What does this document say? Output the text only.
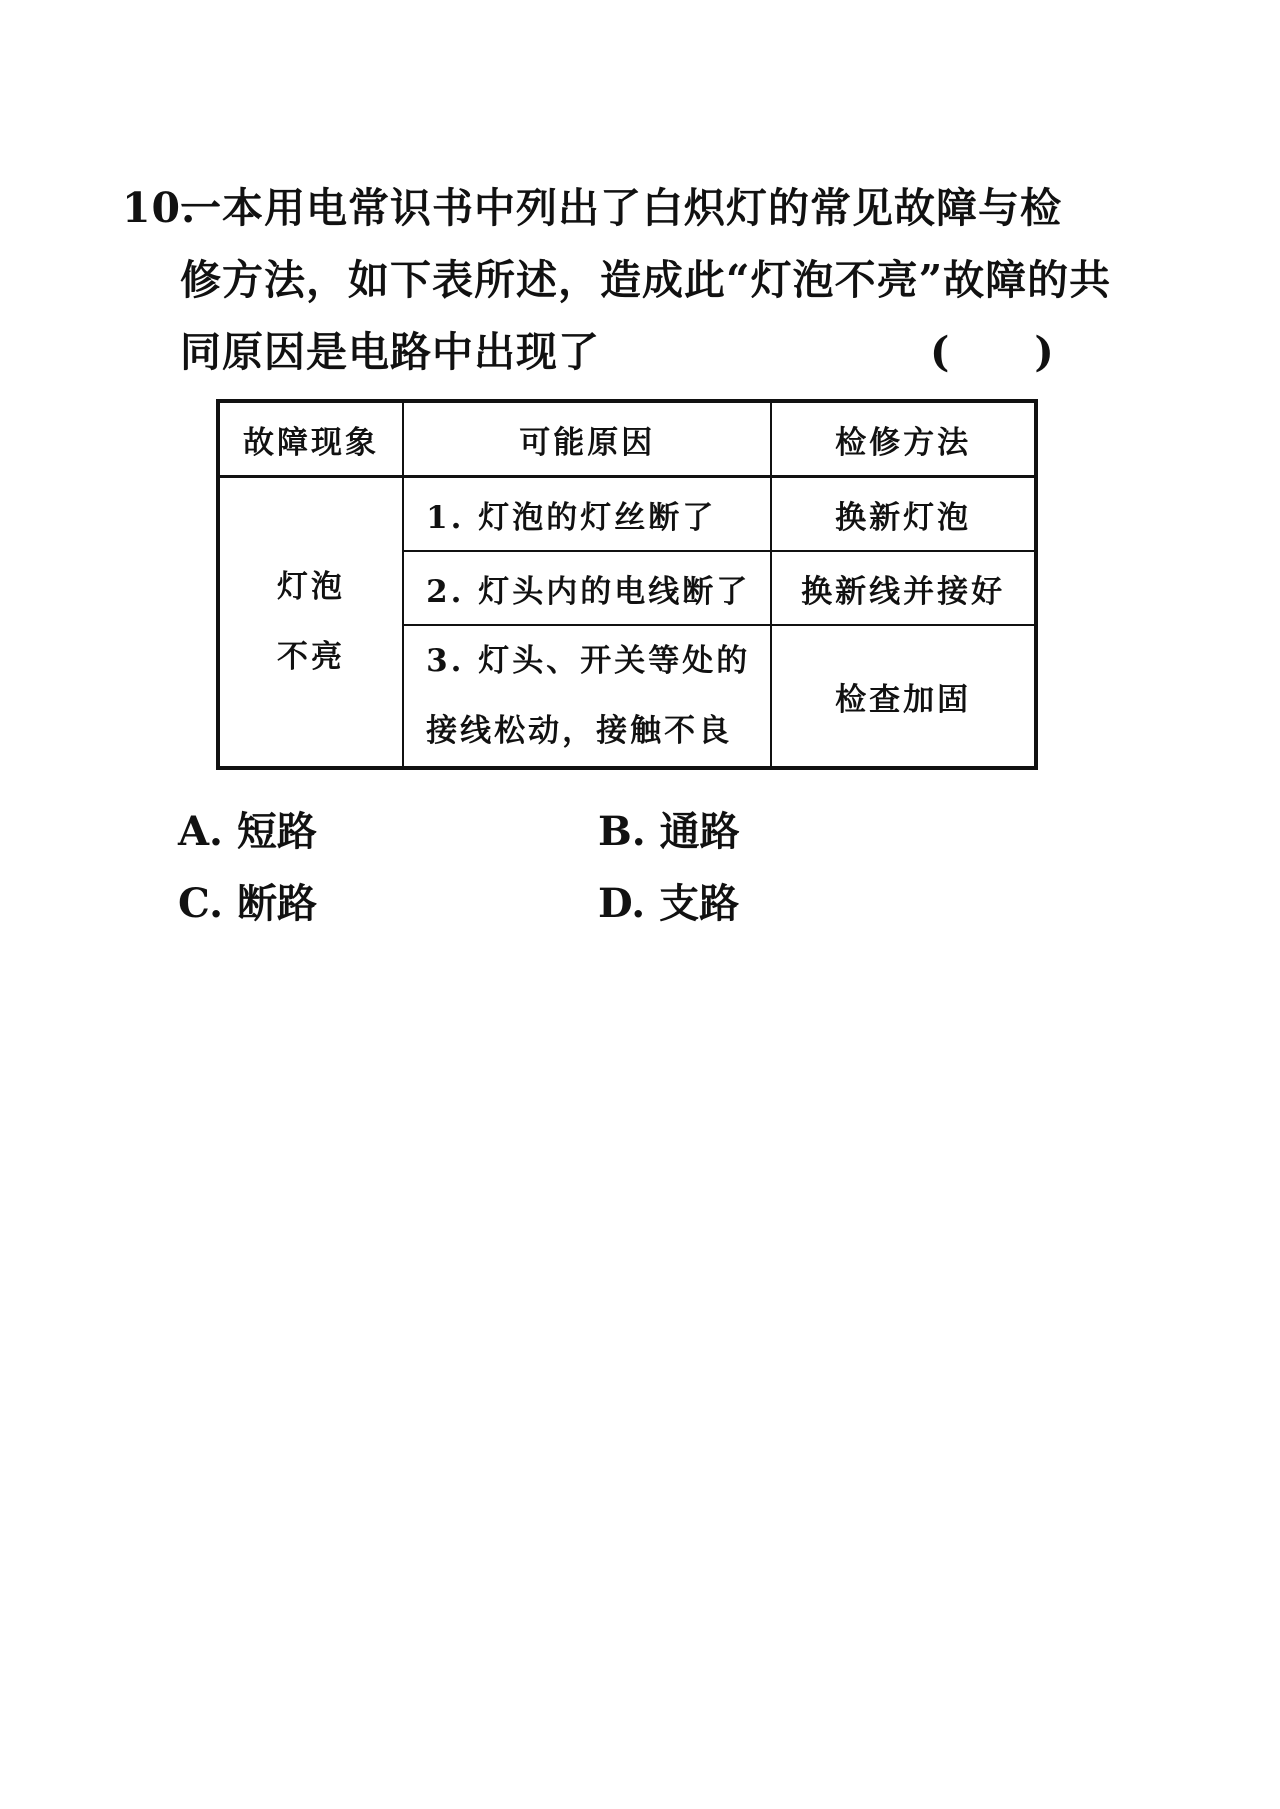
10.一本用电常识书中列出了白炽灯的常见故障与检
修方法，如下表所述，造成此“灯泡不亮”故障的共
同原因是电路中出现了	(　　)
故障现象	可能原因	检修方法

灯泡
不亮	1. 灯泡的灯丝断了	换新灯泡
	2. 灯头内的电线断了	换新线并接好

	3. 灯头、开关等处的
接线松动，接触不良	检查加固
A. 短路	B. 通路
C. 断路	D. 支路
